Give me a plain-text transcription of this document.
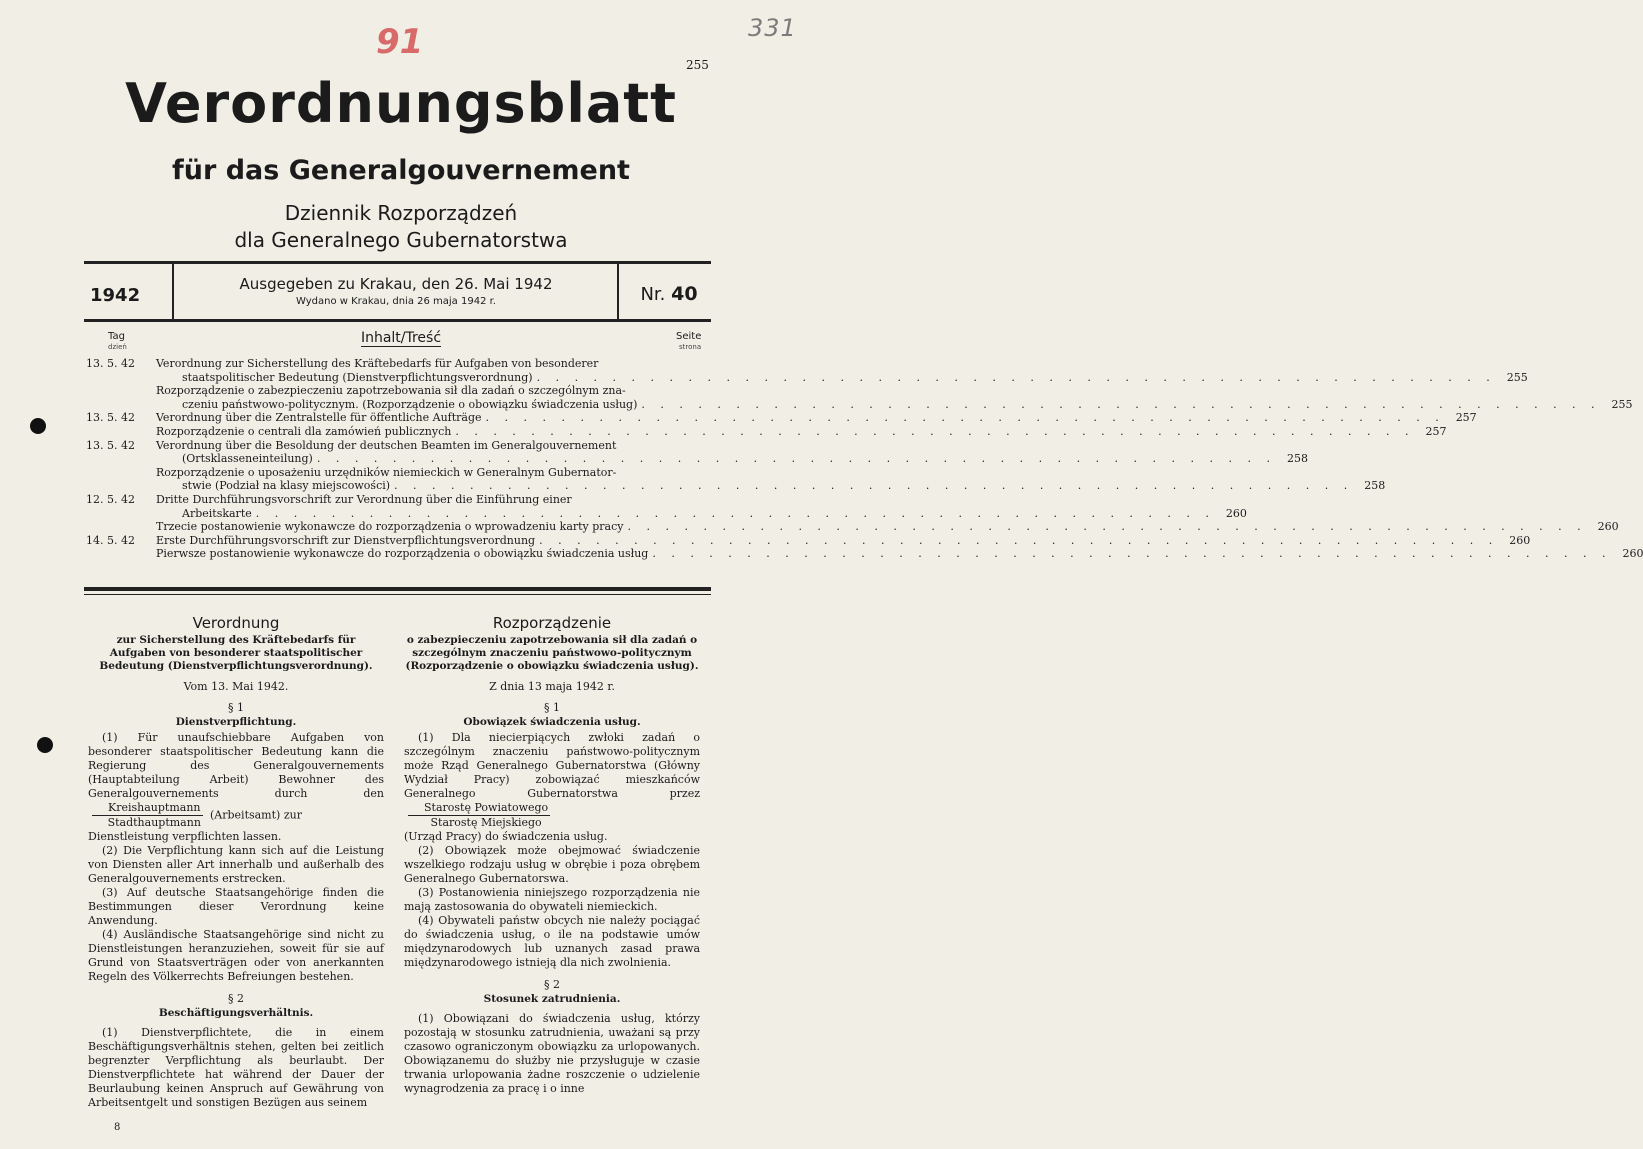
331
91
255
Verordnungsblatt
für das Generalgouvernement
Dziennik Rozporządzeń
dla Generalnego Gubernatorstwa
1942
Ausgegeben zu Krakau, den 26. Mai 1942
Wydano w Krakau, dnia 26 maja 1942 r.	Nr. 40
Tag
dzień
Inhalt/Treść	Seite
strona
13. 5. 42	Verordnung zur Sicherstellung des Kräftebedarfs für Aufgaben von besonderer
staatspolitischer Bedeutung (Dienstverpflichtungsverordnung) . . . . . . . . . . . . . . . . . . . . . . . . . . . . . . . . . . . . . . . . . . . . . . . . . . .	255
Rozporządzenie o zabezpieczeniu zapotrzebowania sił dla zadań o szczególnym zna-
czeniu państwowo-politycznym. (Rozporządzenie o obowiązku świadczenia usług) . . . . . . . . . . . . . . . . . . . . . . . . . . . . . . . . . . . . . . . . . . . . . . . . . . .	255
13. 5. 42	Verordnung über die Zentralstelle für öffentliche Aufträge . . . . . . . . . . . . . . . . . . . . . . . . . . . . . . . . . . . . . . . . . . . . . . . . . . .	257
Rozporządzenie o centrali dla zamówień publicznych . . . . . . . . . . . . . . . . . . . . . . . . . . . . . . . . . . . . . . . . . . . . . . . . . . .	257
13. 5. 42	Verordnung über die Besoldung der deutschen Beamten im Generalgouvernement
(Ortsklasseneinteilung) . . . . . . . . . . . . . . . . . . . . . . . . . . . . . . . . . . . . . . . . . . . . . . . . . . .	258
Rozporządzenie o uposażeniu urzędników niemieckich w Generalnym Gubernator-
stwie (Podział na klasy miejscowości) . . . . . . . . . . . . . . . . . . . . . . . . . . . . . . . . . . . . . . . . . . . . . . . . . . .	258
12. 5. 42	Dritte Durchführungsvorschrift zur Verordnung über die Einführung einer
Arbeitskarte . . . . . . . . . . . . . . . . . . . . . . . . . . . . . . . . . . . . . . . . . . . . . . . . . . .	260
Trzecie postanowienie wykonawcze do rozporządzenia o wprowadzeniu karty pracy . . . . . . . . . . . . . . . . . . . . . . . . . . . . . . . . . . . . . . . . . . . . . . . . . . .	260
14. 5. 42	Erste Durchführungsvorschrift zur Dienstverpflichtungsverordnung . . . . . . . . . . . . . . . . . . . . . . . . . . . . . . . . . . . . . . . . . . . . . . . . . . .	260
Pierwsze postanowienie wykonawcze do rozporządzenia o obowiązku świadczenia usług . . . . . . . . . . . . . . . . . . . . . . . . . . . . . . . . . . . . . . . . . . . . . . . . . . .	260
Verordnung
zur Sicherstellung des Kräftebedarfs für Aufgaben von besonderer staatspolitischer Bedeutung (Dienstverpflichtungsverordnung).
Vom 13. Mai 1942.
§ 1
Dienstverpflichtung.

(1) Für unaufschiebbare Aufgaben von besonderer staatspolitischer Bedeutung kann die Regierung des Generalgouvernements (Hauptabteilung Arbeit) Bewohner des Generalgouvernements durch den
$\frac{\text{Kreishauptmann}}{\text{Stadthauptmann}}$ (Arbeitsamt) zur

Dienstleistung verpflichten lassen.

(2) Die Verpflichtung kann sich auf die Leistung von Diensten aller Art innerhalb und außerhalb des Generalgouvernements erstrecken.

(3) Auf deutsche Staatsangehörige finden die Bestimmungen dieser Verordnung keine Anwendung.

(4) Ausländische Staatsangehörige sind nicht zu Dienstleistungen heranzuziehen, soweit für sie auf Grund von Staatsverträgen oder von anerkannten Regeln des Völkerrechts Befreiungen bestehen.

§ 2
Beschäftigungsverhältnis.

(1) Dienstverpflichtete, die in einem Beschäftigungsverhältnis stehen, gelten bei zeitlich begrenzter Verpflichtung als beurlaubt. Der Dienstverpflichtete hat während der Dauer der Beurlaubung keinen Anspruch auf Gewährung von Arbeitsentgelt und sonstigen Bezügen aus seinem

Rozporządzenie
o zabezpieczeniu zapotrzebowania sił dla zadań o szczególnym znaczeniu państwowo-politycznym (Rozporządzenie o obowiązku świadczenia usług).
Z dnia 13 maja 1942 r.
§ 1
Obowiązek świadczenia usług.

(1) Dla niecierpiących zwłoki zadań o szczególnym znaczeniu państwowo-politycznym może Rząd Generalnego Gubernatorstwa (Główny Wydział Pracy) zobowiązać mieszkańców Generalnego Gubernatorstwa przez
$\frac{\text{Starostę Powiatowego}}{\text{Starostę Miejskiego}}$

(Urząd Pracy) do świadczenia usług.

(2) Obowiązek może obejmować świadczenie wszelkiego rodzaju usług w obrębie i poza obrębem Generalnego Gubernatorswa.

(3) Postanowienia niniejszego rozporządzenia nie mają zastosowania do obywateli niemieckich.

(4) Obywateli państw obcych nie należy pociągać do świadczenia usług, o ile na podstawie umów międzynarodowych lub uznanych zasad prawa międzynarodowego istnieją dla nich zwolnienia.

§ 2
Stosunek zatrudnienia.

(1) Obowiązani do świadczenia usług, którzy pozostają w stosunku zatrudnienia, uważani są przy czasowo ograniczonym obowiązku za urlopowanych. Obowiązanemu do służby nie przysługuje w czasie trwania urlopowania żadne roszczenie o udzielenie wynagrodzenia za pracę i o inne

8
